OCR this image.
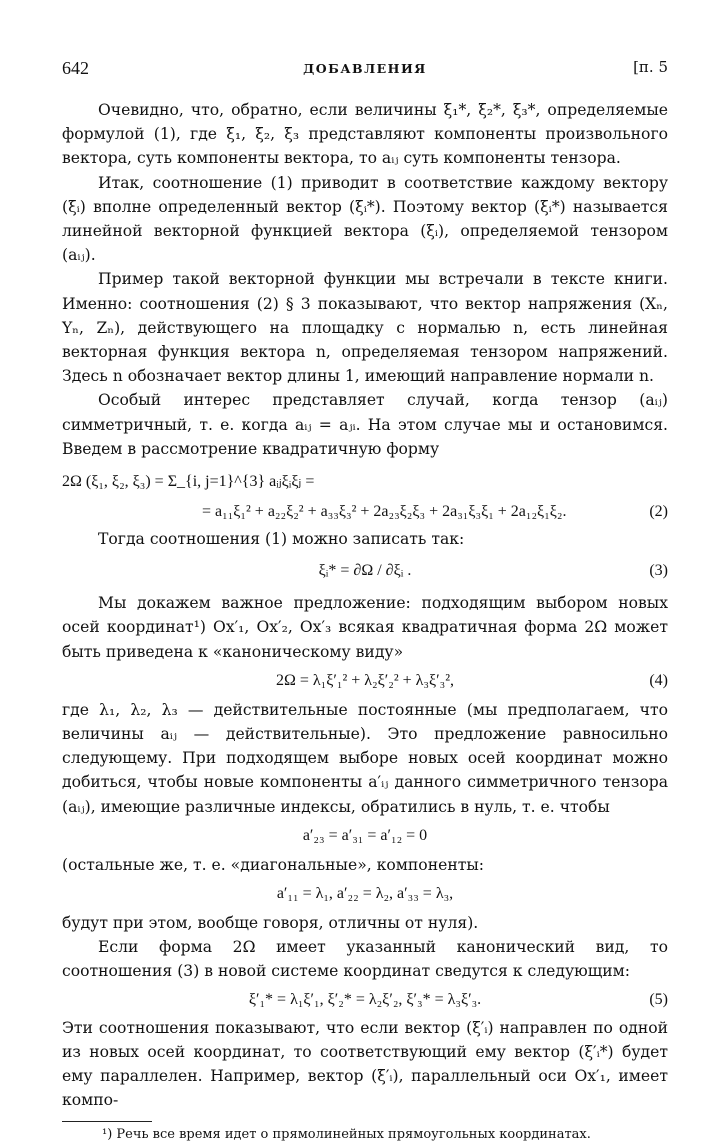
642	ДОБАВЛЕНИЯ	[п. 5

Очевидно, что, обратно, если величины ξ₁*, ξ₂*, ξ₃*, определяемые формулой (1), где ξ₁, ξ₂, ξ₃ представляют компоненты произвольного вектора, суть компоненты вектора, то aᵢⱼ суть компоненты тензора.

Итак, соотношение (1) приводит в соответствие каждому вектору (ξᵢ) вполне определенный вектор (ξᵢ*). Поэтому вектор (ξᵢ*) называется линейной векторной функцией вектора (ξᵢ), определяемой тензором (aᵢⱼ).

Пример такой векторной функции мы встречали в тексте книги. Именно: соотношения (2) § 3 показывают, что вектор напряжения (Xₙ, Yₙ, Zₙ), действующего на площадку с нормалью n, есть линейная векторная функция вектора n, определяемая тензором напряжений. Здесь n обозначает вектор длины 1, имеющий направление нормали n.

Особый интерес представляет случай, когда тензор (aᵢⱼ) симметричный, т. е. когда aᵢⱼ = aⱼᵢ. На этом случае мы и остановимся. Введем в рассмотрение квадратичную форму

2Ω (ξ₁, ξ₂, ξ₃) = Σ_{i, j=1}^{3} aᵢⱼξᵢξⱼ =
= a₁₁ξ₁² + a₂₂ξ₂² + a₃₃ξ₃² + 2a₂₃ξ₂ξ₃ + 2a₃₁ξ₃ξ₁ + 2a₁₂ξ₁ξ₂.	(2)

Тогда соотношения (1) можно записать так:

ξᵢ* = ∂Ω / ∂ξᵢ .	(3)

Мы докажем важное предложение: подходящим выбором новых осей координат¹) Ox′₁, Ox′₂, Ox′₃ всякая квадратичная форма 2Ω может быть приведена к «каноническому виду»

2Ω = λ₁ξ′₁² + λ₂ξ′₂² + λ₃ξ′₃²,	(4)

где λ₁, λ₂, λ₃ — действительные постоянные (мы предполагаем, что величины aᵢⱼ — действительные). Это предложение равносильно следующему. При подходящем выборе новых осей координат можно добиться, чтобы новые компоненты a′ᵢⱼ данного симметричного тензора (aᵢⱼ), имеющие различные индексы, обратились в нуль, т. е. чтобы

a′₂₃ = a′₃₁ = a′₁₂ = 0

(остальные же, т. е. «диагональные», компоненты:

a′₁₁ = λ₁, a′₂₂ = λ₂, a′₃₃ = λ₃,

будут при этом, вообще говоря, отличны от нуля).

Если форма 2Ω имеет указанный канонический вид, то соотношения (3) в новой системе координат сведутся к следующим:

ξ′₁* = λ₁ξ′₁, ξ′₂* = λ₂ξ′₂, ξ′₃* = λ₃ξ′₃.	(5)

Эти соотношения показывают, что если вектор (ξ′ᵢ) направлен по одной из новых осей координат, то соответствующий ему вектор (ξ′ᵢ*) будет ему параллелен. Например, вектор (ξ′ᵢ), параллельный оси Ox′₁, имеет компо-

¹) Речь все время идет о прямолинейных прямоугольных координатах.
